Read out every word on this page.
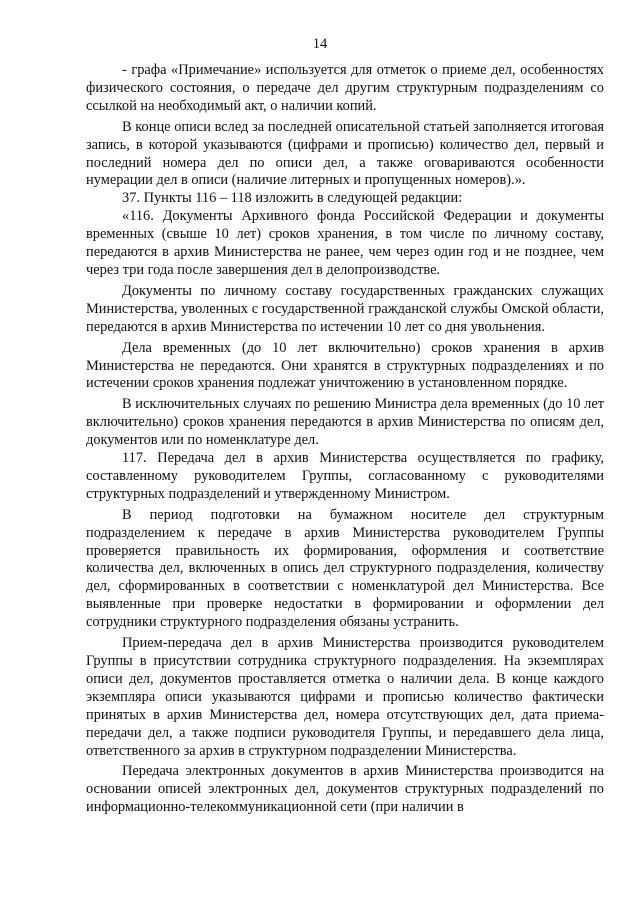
14

- графа «Примечание» используется для отметок о приеме дел, особенностях физического состояния, о передаче дел другим структурным подразделениям со ссылкой на необходимый акт, о наличии копий.

В конце описи вслед за последней описательной статьей заполняется итоговая запись, в которой указываются (цифрами и прописью) количество дел, первый и последний номера дел по описи дел, а также оговариваются особенности нумерации дел в описи (наличие литерных и пропущенных номеров).».

37. Пункты 116 – 118 изложить в следующей редакции:

«116. Документы Архивного фонда Российской Федерации и документы временных (свыше 10 лет) сроков хранения, в том числе по личному составу, передаются в архив Министерства не ранее, чем через один год и не позднее, чем через три года после завершения дел в делопроизводстве.

Документы по личному составу государственных гражданских служащих Министерства, уволенных с государственной гражданской службы Омской области, передаются в архив Министерства по истечении 10 лет со дня увольнения.

Дела временных (до 10 лет включительно) сроков хранения в архив Министерства не передаются. Они хранятся в структурных подразделениях и по истечении сроков хранения подлежат уничтожению в установленном порядке.

В исключительных случаях по решению Министра дела временных (до 10 лет включительно) сроков хранения передаются в архив Министерства по описям дел, документов или по номенклатуре дел.

117. Передача дел в архив Министерства осуществляется по графику, составленному руководителем Группы, согласованному с руководителями структурных подразделений и утвержденному Министром.

В период подготовки на бумажном носителе дел структурным подразделением к передаче в архив Министерства руководителем Группы проверяется правильность их формирования, оформления и соответствие количества дел, включенных в опись дел структурного подразделения, количеству дел, сформированных в соответствии с номенклатурой дел Министерства. Все выявленные при проверке недостатки в формировании и оформлении дел сотрудники структурного подразделения обязаны устранить.

Прием-передача дел в архив Министерства производится руководителем Группы в присутствии сотрудника структурного подразделения. На экземплярах описи дел, документов проставляется отметка о наличии дела. В конце каждого экземпляра описи указываются цифрами и прописью количество фактически принятых в архив Министерства дел, номера отсутствующих дел, дата приема-передачи дел, а также подписи руководителя Группы, и передавшего дела лица, ответственного за архив в структурном подразделении Министерства.

Передача электронных документов в архив Министерства производится на основании описей электронных дел, документов структурных подразделений по информационно-телекоммуникационной сети (при наличии в
